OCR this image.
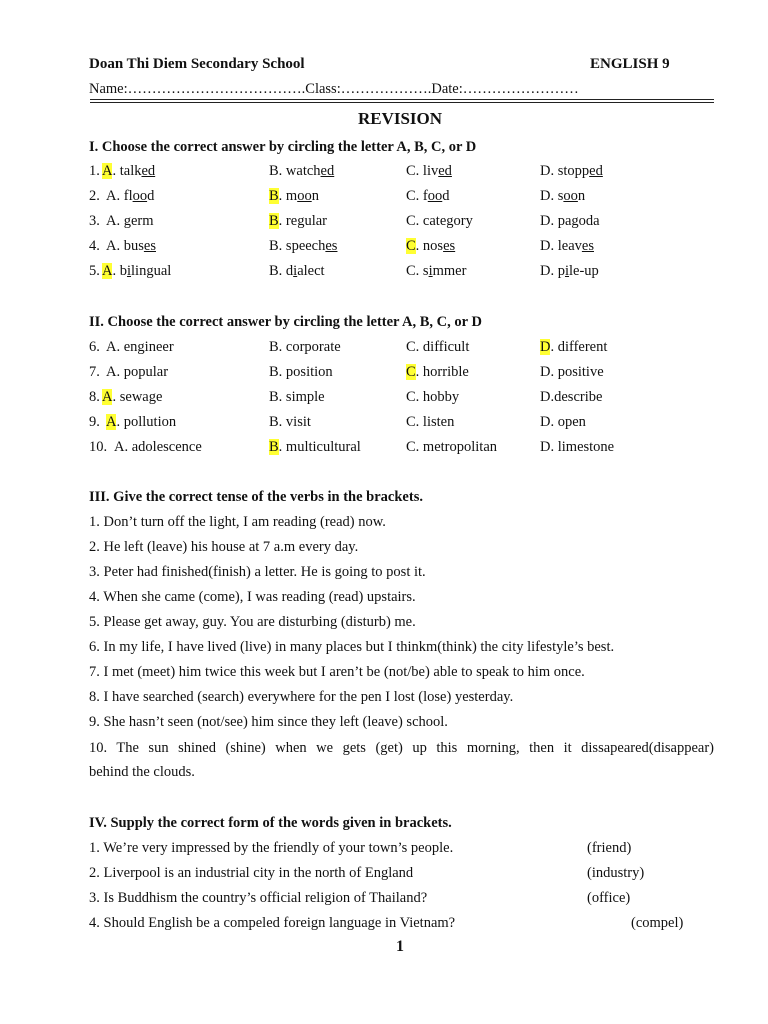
Doan Thi Diem Secondary School	ENGLISH 9
Name:……………………………….Class:……………….Date:……………………
REVISION
I. Choose the correct answer by circling the letter A, B, C, or D
1. A. talked	B. watched	C. lived	D. stopped
2. A. flood	B. moon	C. food	D. soon
3. A. germ	B. regular	C. category	D. pagoda
4. A. buses	B. speeches	C. noses	D. leaves
5. A. bilingual	B. dialect	C. simmer	D. pile-up
II. Choose the correct answer by circling the letter A, B, C, or D
6. A. engineer	B. corporate	C. difficult	D. different
7. A. popular	B. position	C. horrible	D. positive
8. A. sewage	B. simple	C. hobby	D.describe
9. A. pollution	B. visit	C. listen	D. open
10. A. adolescence	B. multicultural	C. metropolitan	D. limestone
III. Give the correct tense of the verbs in the brackets.
1. Don’t turn off the light, I am reading (read) now.
2. He left (leave) his house at 7 a.m every day.
3. Peter had finished(finish) a letter. He is going to post it.
4. When she came (come), I was reading (read) upstairs.
5. Please get away, guy. You are disturbing (disturb) me.
6. In my life, I have lived (live) in many places but I thinkm(think) the city lifestyle’s best.
7. I met (meet) him twice this week but I aren’t be (not/be) able to speak to him once.
8. I have searched (search) everywhere for the pen I lost (lose) yesterday.
9. She hasn’t seen (not/see) him since they left (leave) school.
10. The sun shined (shine) when we gets (get) up this morning, then it dissapeared(disappear)
behind the clouds.
IV. Supply the correct form of the words given in brackets.
1. We’re very impressed by the friendly of your town’s people.	(friend)
2. Liverpool is an industrial city in the north of England	(industry)
3. Is Buddhism the country’s official religion of Thailand?	(office)
4. Should English be a compeled foreign language in Vietnam?	(compel)
1
